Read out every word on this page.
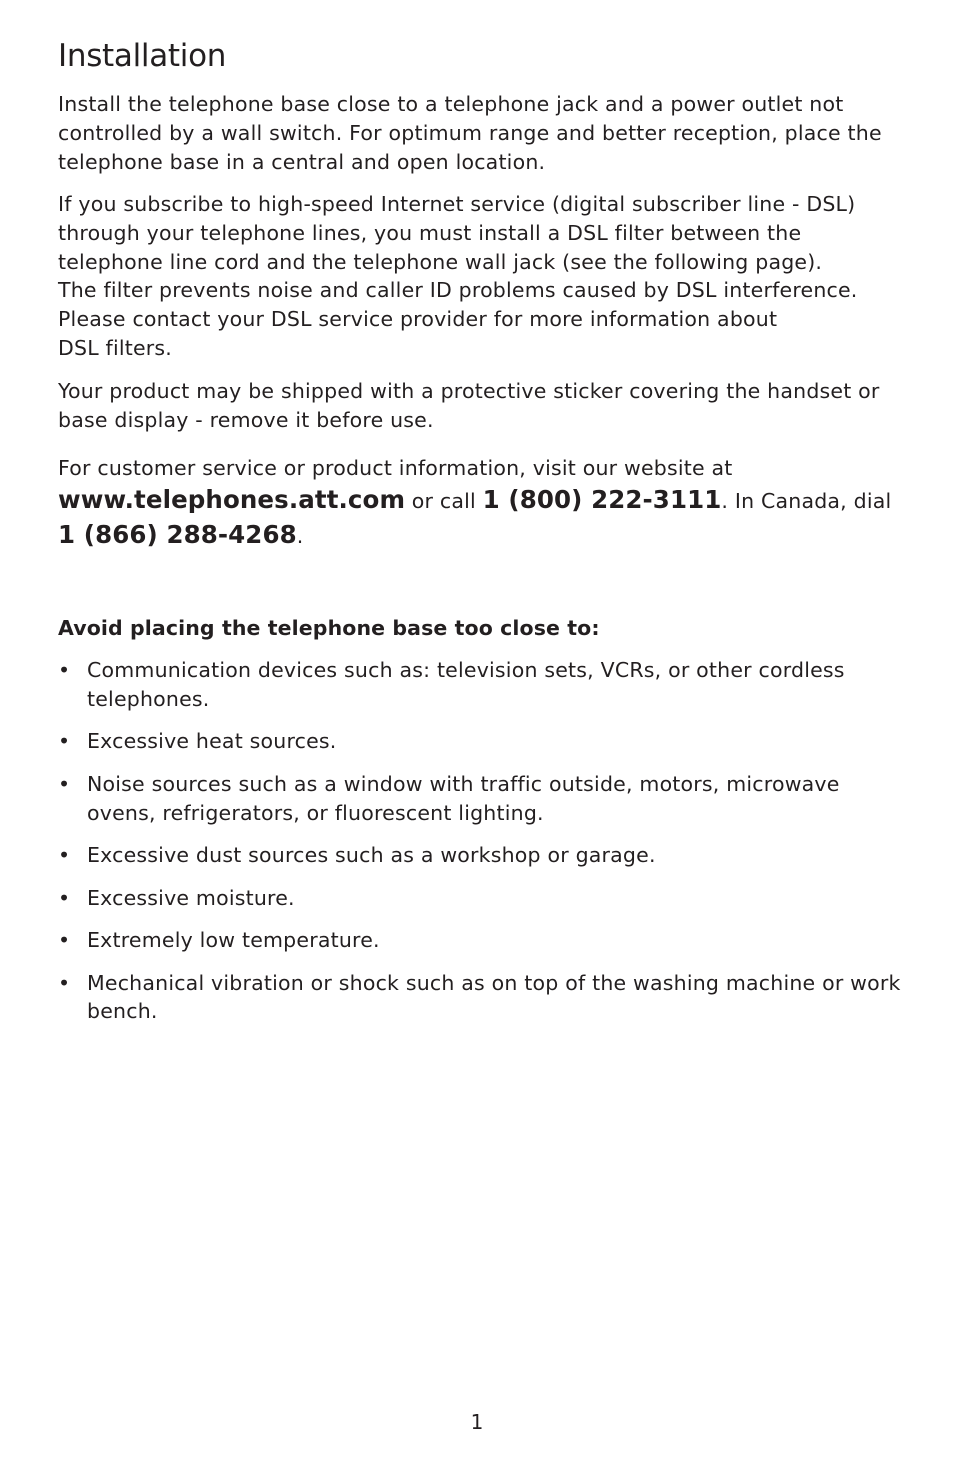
Installation

Install the telephone base close to a telephone jack and a power outlet not controlled by a wall switch. For optimum range and better reception, place the telephone base in a central and open location.

If you subscribe to high-speed Internet service (digital subscriber line - DSL)
through your telephone lines, you must install a DSL filter between the
telephone line cord and the telephone wall jack (see the following page).
The filter prevents noise and caller ID problems caused by DSL interference.
Please contact your DSL service provider for more information about
DSL filters.

Your product may be shipped with a protective sticker covering the handset or base display - remove it before use.

For customer service or product information, visit our website at
www.telephones.att.com or call 1 (800) 222-3111. In Canada, dial
1 (866) 288-4268.

Avoid placing the telephone base too close to:
• Communication devices such as: television sets, VCRs, or other cordless telephones.
• Excessive heat sources.
• Noise sources such as a window with traffic outside, motors, microwave ovens, refrigerators, or fluorescent lighting.
• Excessive dust sources such as a workshop or garage.
• Excessive moisture.
• Extremely low temperature.
• Mechanical vibration or shock such as on top of the washing machine or work bench.
1
